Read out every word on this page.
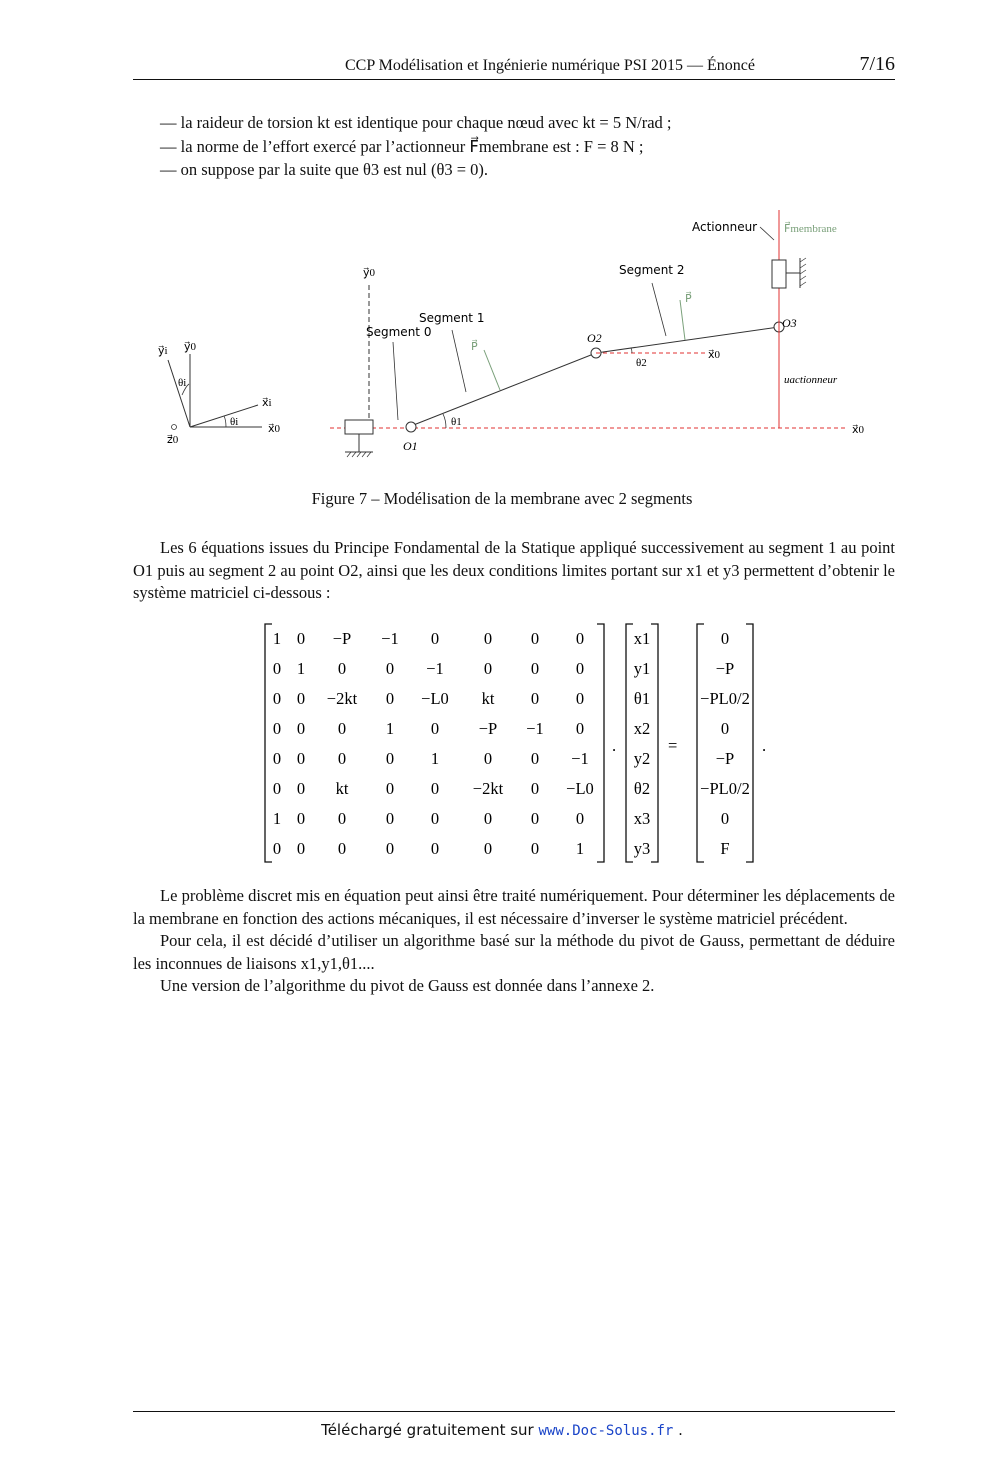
CCP Modélisation et Ingénierie numérique PSI 2015 — Énoncé	7/16
— la raideur de torsion kt est identique pour chaque nœud avec kt = 5 N/rad ;
— la norme de l’effort exercé par l’actionneur F⃗membrane est : F = 8 N ;
— on suppose par la suite que θ3 est nul (θ3 = 0).
y⃗0
y⃗i
x⃗i
x⃗0
z⃗0
θi
θi
y⃗0
x⃗0
P⃗
P⃗
Actionneur F⃗membrane
Segment 2
Segment 1
Segment 0	O2
O3
O1
θ1
θ2
x⃗0
uactionneur
Figure 7 – Modélisation de la membrane avec 2 segments

Les 6 équations issues du Principe Fondamental de la Statique appliqué successivement au segment 1 au point O1 puis au segment 2 au point O2, ainsi que les deux conditions limites portant sur x1 et y3 permettent d’obtenir le système matriciel ci-dessous :

1 0 −P −1 0	0 0 0
0 1 0 0 −1 0 0 0
0 0 −2kt 0 −L0 kt 0 0
0 0 0 1 0 −P −1 0
0 0 0 0 1	0 0 −1
0 0 kt 0 0 −2kt 0 −L0
1 0 0 0 0	0 0 0
0 0 0 0 0	0 0 1
x1
y1
θ1
x2
y2
θ2
x3
y3
0
−P
−PL0/2
0
−P
−PL0/2
0
F
.	=	.

Le problème discret mis en équation peut ainsi être traité numériquement. Pour déterminer les déplacements de la membrane en fonction des actions mécaniques, il est nécessaire d’inverser le système matriciel précédent.

Pour cela, il est décidé d’utiliser un algorithme basé sur la méthode du pivot de Gauss, permettant de déduire les inconnues de liaisons x1,y1,θ1....

Une version de l’algorithme du pivot de Gauss est donnée dans l’annexe 2.

Téléchargé gratuitement sur www.Doc-Solus.fr .
